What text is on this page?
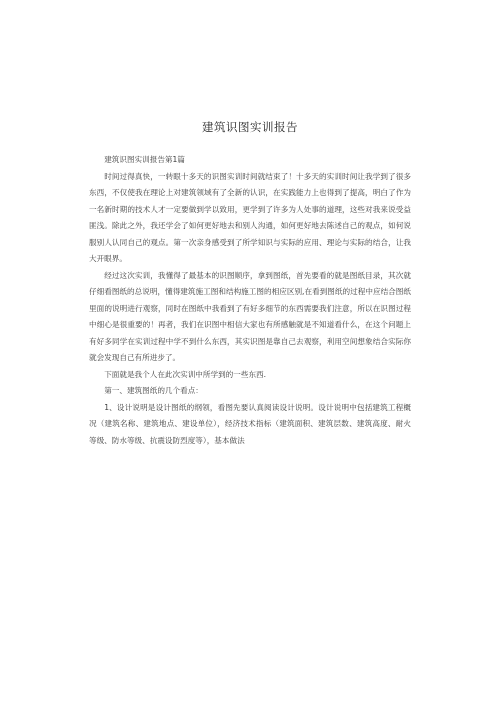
建筑识图实训报告

建筑识图实训报告第1篇

时间过得真快，一转眼十多天的识图实训时间就结束了！十多天的实训时间让我学到了很多东西，不仅使我在理论上对建筑领域有了全新的认识，在实践能力上也得到了提高，明白了作为一名新时期的技术人才一定要做到学以致用，更学到了许多为人处事的道理，这些对我来说受益匪浅。除此之外，我还学会了如何更好地去和别人沟通，如何更好地去陈述自己的观点，如何说服别人认同自己的观点。第一次亲身感受到了所学知识与实际的应用、理论与实际的结合，让我大开眼界。

经过这次实训，我懂得了最基本的识图顺序，拿到图纸，首先要看的就是图纸目录，其次就仔细看图纸的总说明，懂得建筑施工图和结构施工图的相应区别,在看到图纸的过程中应结合图纸里面的说明进行观察，同时在图纸中我看到了有好多细节的东西需要我们注意，所以在识图过程中细心是很重要的！再者，我们在识图中相信大家也有所感触就是不知道看什么，在这个问题上有好多同学在实训过程中学不到什么东西，其实识图是靠自己去观察，利用空间想象结合实际你就会发现自己有所进步了。

下面就是我个人在此次实训中所学到的一些东西.

第一、建筑图纸的几个看点：

1、设计说明是设计图纸的纲领，看图先要认真阅读设计说明。设计说明中包括建筑工程概况（建筑名称、建筑地点、建设单位），经济技术指标（建筑面积、建筑层数、建筑高度、耐火等级、防水等级、抗震设防烈度等），基本做法
